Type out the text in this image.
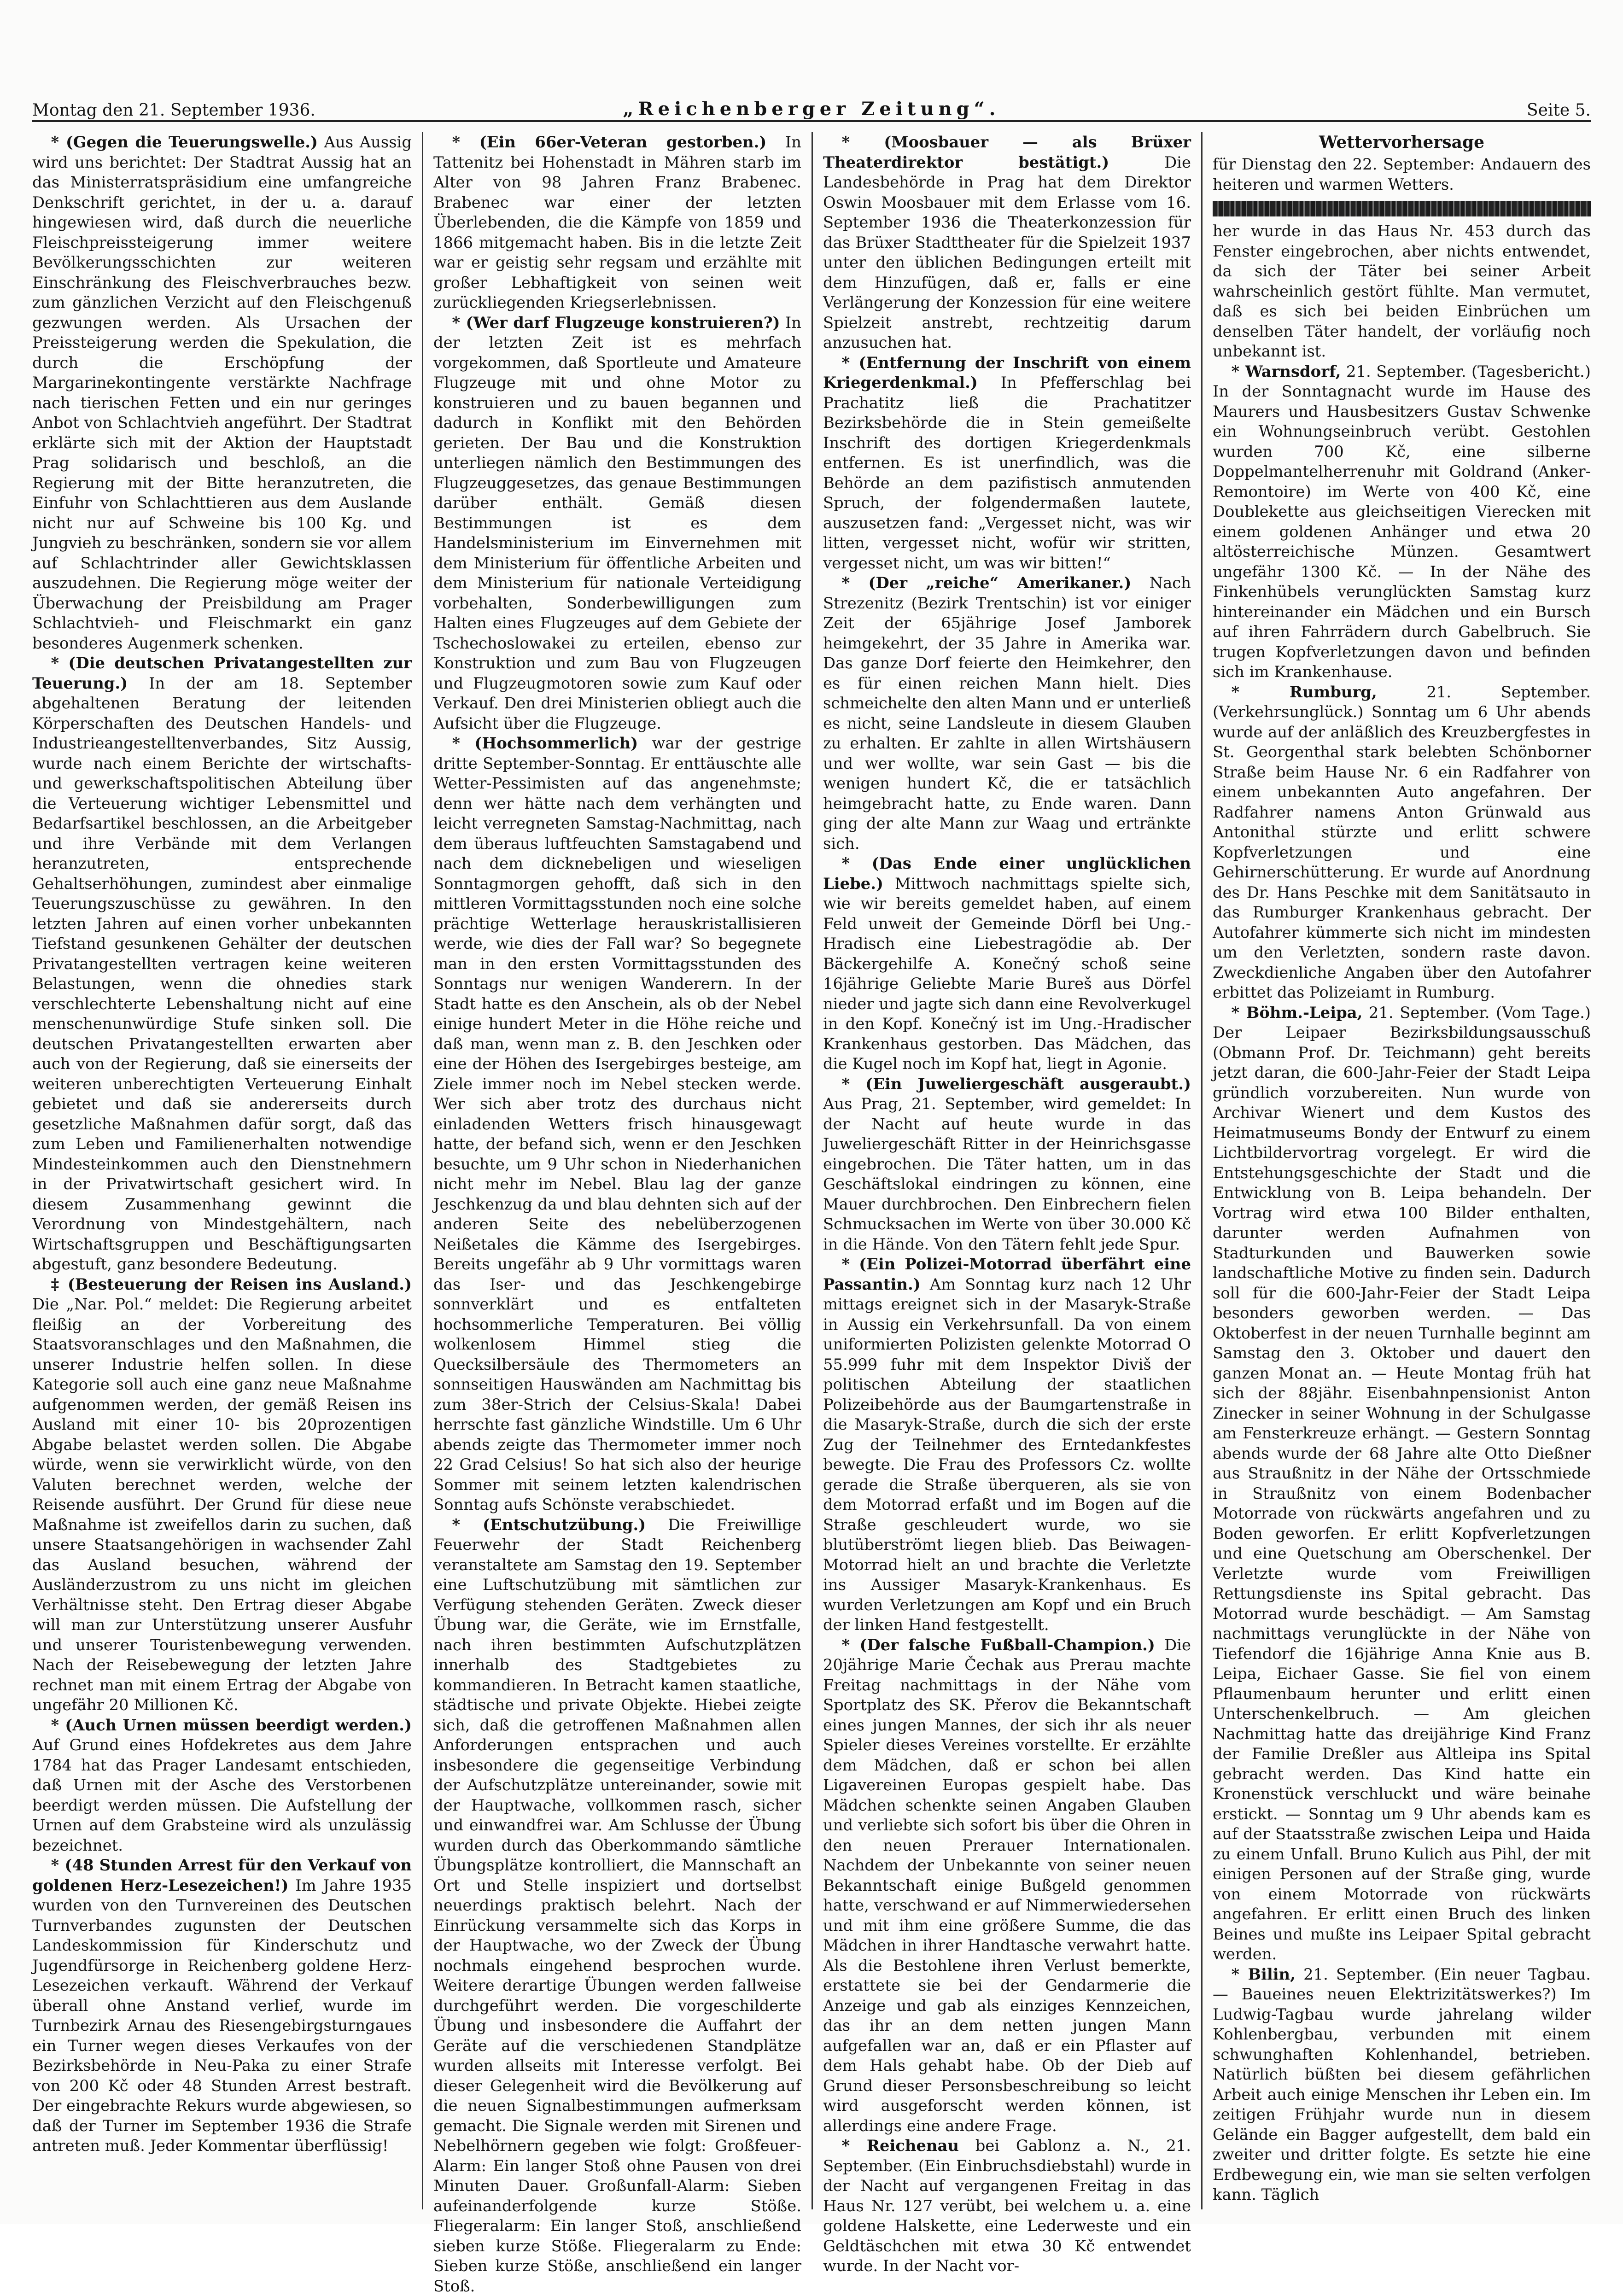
Montag den 21. September 1936.	„Reichenberger Zeitung“.	Seite 5.

* (Gegen die Teuerungswelle.) Aus Aussig wird uns berichtet: Der Stadtrat Aussig hat an das Ministerratspräsidium eine umfangreiche Denkschrift gerichtet, in der u. a. darauf hingewiesen wird, daß durch die neuerliche Fleischpreissteigerung immer weitere Bevölkerungsschichten zur weiteren Einschränkung des Fleischverbrauches bezw. zum gänzlichen Verzicht auf den Fleischgenuß gezwungen werden. Als Ursachen der Preissteigerung werden die Spekulation, die durch die Erschöpfung der Margarinekontingente verstärkte Nachfrage nach tierischen Fetten und ein nur geringes Anbot von Schlachtvieh angeführt. Der Stadtrat erklärte sich mit der Aktion der Hauptstadt Prag solidarisch und beschloß, an die Regierung mit der Bitte heranzutreten, die Einfuhr von Schlachttieren aus dem Auslande nicht nur auf Schweine bis 100 Kg. und Jungvieh zu beschränken, sondern sie vor allem auf Schlachtrinder aller Gewichtsklassen auszudehnen. Die Regierung möge weiter der Überwachung der Preisbildung am Prager Schlachtvieh- und Fleischmarkt ein ganz besonderes Augenmerk schenken.

* (Die deutschen Privatangestellten zur Teuerung.) In der am 18. September abgehaltenen Beratung der leitenden Körperschaften des Deutschen Handels- und Industrieangestelltenverbandes, Sitz Aussig, wurde nach einem Berichte der wirtschafts- und gewerkschaftspolitischen Abteilung über die Verteuerung wichtiger Lebensmittel und Bedarfsartikel beschlossen, an die Arbeitgeber und ihre Verbände mit dem Verlangen heranzutreten, entsprechende Gehaltserhöhungen, zumindest aber einmalige Teuerungszuschüsse zu gewähren. In den letzten Jahren auf einen vorher unbekannten Tiefstand gesunkenen Gehälter der deutschen Privatangestellten vertragen keine weiteren Belastungen, wenn die ohnedies stark verschlechterte Lebenshaltung nicht auf eine menschenunwürdige Stufe sinken soll. Die deutschen Privatangestellten erwarten aber auch von der Regierung, daß sie einerseits der weiteren unberechtigten Verteuerung Einhalt gebietet und daß sie andererseits durch gesetzliche Maßnahmen dafür sorgt, daß das zum Leben und Familienerhalten notwendige Mindesteinkommen auch den Dienstnehmern in der Privatwirtschaft gesichert wird. In diesem Zusammenhang gewinnt die Verordnung von Mindestgehältern, nach Wirtschaftsgruppen und Beschäftigungsarten abgestuft, ganz besondere Bedeutung.

‡ (Besteuerung der Reisen ins Ausland.) Die „Nar. Pol.“ meldet: Die Regierung arbeitet fleißig an der Vorbereitung des Staatsvoranschlages und den Maßnahmen, die unserer Industrie helfen sollen. In diese Kategorie soll auch eine ganz neue Maßnahme aufgenommen werden, der gemäß Reisen ins Ausland mit einer 10- bis 20prozentigen Abgabe belastet werden sollen. Die Abgabe würde, wenn sie verwirklicht würde, von den Valuten berechnet werden, welche der Reisende ausführt. Der Grund für diese neue Maßnahme ist zweifellos darin zu suchen, daß unsere Staatsangehörigen in wachsender Zahl das Ausland besuchen, während der Ausländerzustrom zu uns nicht im gleichen Verhältnisse steht. Den Ertrag dieser Abgabe will man zur Unterstützung unserer Ausfuhr und unserer Touristenbewegung verwenden. Nach der Reisebewegung der letzten Jahre rechnet man mit einem Ertrag der Abgabe von ungefähr 20 Millionen Kč.

* (Auch Urnen müssen beerdigt werden.) Auf Grund eines Hofdekretes aus dem Jahre 1784 hat das Prager Landesamt entschieden, daß Urnen mit der Asche des Verstorbenen beerdigt werden müssen. Die Aufstellung der Urnen auf dem Grabsteine wird als unzulässig bezeichnet.

* (48 Stunden Arrest für den Verkauf von goldenen Herz-Lesezeichen!) Im Jahre 1935 wurden von den Turnvereinen des Deutschen Turnverbandes zugunsten der Deutschen Landeskommission für Kinderschutz und Jugendfürsorge in Reichenberg goldene Herz-Lesezeichen verkauft. Während der Verkauf überall ohne Anstand verlief, wurde im Turnbezirk Arnau des Riesengebirgsturngaues ein Turner wegen dieses Verkaufes von der Bezirksbehörde in Neu-Paka zu einer Strafe von 200 Kč oder 48 Stunden Arrest bestraft. Der eingebrachte Rekurs wurde abgewiesen, so daß der Turner im September 1936 die Strafe antreten muß. Jeder Kommentar überflüssig!

* (Ein 66er-Veteran gestorben.) In Tattenitz bei Hohenstadt in Mähren starb im Alter von 98 Jahren Franz Brabenec. Brabenec war einer der letzten Überlebenden, die die Kämpfe von 1859 und 1866 mitgemacht haben. Bis in die letzte Zeit war er geistig sehr regsam und erzählte mit großer Lebhaftigkeit von seinen weit zurückliegenden Kriegserlebnissen.

* (Wer darf Flugzeuge konstruieren?) In der letzten Zeit ist es mehrfach vorgekommen, daß Sportleute und Amateure Flugzeuge mit und ohne Motor zu konstruieren und zu bauen begannen und dadurch in Konflikt mit den Behörden gerieten. Der Bau und die Konstruktion unterliegen nämlich den Bestimmungen des Flugzeuggesetzes, das genaue Bestimmungen darüber enthält. Gemäß diesen Bestimmungen ist es dem Handelsministerium im Einvernehmen mit dem Ministerium für öffentliche Arbeiten und dem Ministerium für nationale Verteidigung vorbehalten, Sonderbewilligungen zum Halten eines Flugzeuges auf dem Gebiete der Tschechoslowakei zu erteilen, ebenso zur Konstruktion und zum Bau von Flugzeugen und Flugzeugmotoren sowie zum Kauf oder Verkauf. Den drei Ministerien obliegt auch die Aufsicht über die Flugzeuge.

* (Hochsommerlich) war der gestrige dritte September-Sonntag. Er enttäuschte alle Wetter-Pessimisten auf das angenehmste; denn wer hätte nach dem verhängten und leicht verregneten Samstag-Nachmittag, nach dem überaus luftfeuchten Samstagabend und nach dem dicknebeligen und wieseligen Sonntagmorgen gehofft, daß sich in den mittleren Vormittagsstunden noch eine solche prächtige Wetterlage herauskristallisieren werde, wie dies der Fall war? So begegnete man in den ersten Vormittagsstunden des Sonntags nur wenigen Wanderern. In der Stadt hatte es den Anschein, als ob der Nebel einige hundert Meter in die Höhe reiche und daß man, wenn man z. B. den Jeschken oder eine der Höhen des Isergebirges besteige, am Ziele immer noch im Nebel stecken werde. Wer sich aber trotz des durchaus nicht einladenden Wetters frisch hinausgewagt hatte, der befand sich, wenn er den Jeschken besuchte, um 9 Uhr schon in Niederhanichen nicht mehr im Nebel. Blau lag der ganze Jeschkenzug da und blau dehnten sich auf der anderen Seite des nebelüberzogenen Neißetales die Kämme des Isergebirges. Bereits ungefähr ab 9 Uhr vormittags waren das Iser- und das Jeschkengebirge sonnverklärt und es entfalteten hochsommerliche Temperaturen. Bei völlig wolkenlosem Himmel stieg die Quecksilbersäule des Thermometers an sonnseitigen Hauswänden am Nachmittag bis zum 38er-Strich der Celsius-Skala! Dabei herrschte fast gänzliche Windstille. Um 6 Uhr abends zeigte das Thermometer immer noch 22 Grad Celsius! So hat sich also der heurige Sommer mit seinem letzten kalendrischen Sonntag aufs Schönste verabschiedet.

* (Entschutzübung.) Die Freiwillige Feuerwehr der Stadt Reichenberg veranstaltete am Samstag den 19. September eine Luftschutzübung mit sämtlichen zur Verfügung stehenden Geräten. Zweck dieser Übung war, die Geräte, wie im Ernstfalle, nach ihren bestimmten Aufschutzplätzen innerhalb des Stadtgebietes zu kommandieren. In Betracht kamen staatliche, städtische und private Objekte. Hiebei zeigte sich, daß die getroffenen Maßnahmen allen Anforderungen entsprachen und auch insbesondere die gegenseitige Verbindung der Aufschutzplätze untereinander, sowie mit der Hauptwache, vollkommen rasch, sicher und einwandfrei war. Am Schlusse der Übung wurden durch das Oberkommando sämtliche Übungsplätze kontrolliert, die Mannschaft an Ort und Stelle inspiziert und dortselbst neuerdings praktisch belehrt. Nach der Einrückung versammelte sich das Korps in der Hauptwache, wo der Zweck der Übung nochmals eingehend besprochen wurde. Weitere derartige Übungen werden fallweise durchgeführt werden. Die vorgeschilderte Übung und insbesondere die Auffahrt der Geräte auf die verschiedenen Standplätze wurden allseits mit Interesse verfolgt. Bei dieser Gelegenheit wird die Bevölkerung auf die neuen Signalbestimmungen aufmerksam gemacht. Die Signale werden mit Sirenen und Nebelhörnern gegeben wie folgt: Großfeuer-Alarm: Ein langer Stoß ohne Pausen von drei Minuten Dauer. Großunfall-Alarm: Sieben aufeinanderfolgende kurze Stöße. Fliegeralarm: Ein langer Stoß, anschließend sieben kurze Stöße. Fliegeralarm zu Ende: Sieben kurze Stöße, anschließend ein langer Stoß.

* (Moosbauer — als Brüxer Theaterdirektor bestätigt.) Die Landesbehörde in Prag hat dem Direktor Oswin Moosbauer mit dem Erlasse vom 16. September 1936 die Theaterkonzession für das Brüxer Stadttheater für die Spielzeit 1937 unter den üblichen Bedingungen erteilt mit dem Hinzufügen, daß er, falls er eine Verlängerung der Konzession für eine weitere Spielzeit anstrebt, rechtzeitig darum anzusuchen hat.

* (Entfernung der Inschrift von einem Kriegerdenkmal.) In Pfefferschlag bei Prachatitz ließ die Prachatitzer Bezirksbehörde die in Stein gemeißelte Inschrift des dortigen Kriegerdenkmals entfernen. Es ist unerfindlich, was die Behörde an dem pazifistisch anmutenden Spruch, der folgendermaßen lautete, auszusetzen fand: „Vergesset nicht, was wir litten, vergesset nicht, wofür wir stritten, vergesset nicht, um was wir bitten!“

* (Der „reiche“ Amerikaner.) Nach Strezenitz (Bezirk Trentschin) ist vor einiger Zeit der 65jährige Josef Jamborek heimgekehrt, der 35 Jahre in Amerika war. Das ganze Dorf feierte den Heimkehrer, den es für einen reichen Mann hielt. Dies schmeichelte den alten Mann und er unterließ es nicht, seine Landsleute in diesem Glauben zu erhalten. Er zahlte in allen Wirtshäusern und wer wollte, war sein Gast — bis die wenigen hundert Kč, die er tatsächlich heimgebracht hatte, zu Ende waren. Dann ging der alte Mann zur Waag und ertränkte sich.

* (Das Ende einer unglücklichen Liebe.) Mittwoch nachmittags spielte sich, wie wir bereits gemeldet haben, auf einem Feld unweit der Gemeinde Dörfl bei Ung.-Hradisch eine Liebestragödie ab. Der Bäckergehilfe A. Konečný schoß seine 16jährige Geliebte Marie Bureš aus Dörfel nieder und jagte sich dann eine Revolverkugel in den Kopf. Konečný ist im Ung.-Hradischer Krankenhaus gestorben. Das Mädchen, das die Kugel noch im Kopf hat, liegt in Agonie.

* (Ein Juweliergeschäft ausgeraubt.) Aus Prag, 21. September, wird gemeldet: In der Nacht auf heute wurde in das Juweliergeschäft Ritter in der Heinrichsgasse eingebrochen. Die Täter hatten, um in das Geschäftslokal eindringen zu können, eine Mauer durchbrochen. Den Einbrechern fielen Schmucksachen im Werte von über 30.000 Kč in die Hände. Von den Tätern fehlt jede Spur.

* (Ein Polizei-Motorrad überfährt eine Passantin.) Am Sonntag kurz nach 12 Uhr mittags ereignet sich in der Masaryk-Straße in Aussig ein Verkehrsunfall. Da von einem uniformierten Polizisten gelenkte Motorrad O 55.999 fuhr mit dem Inspektor Diviš der politischen Abteilung der staatlichen Polizeibehörde aus der Baumgartenstraße in die Masaryk-Straße, durch die sich der erste Zug der Teilnehmer des Erntedankfestes bewegte. Die Frau des Professors Cz. wollte gerade die Straße überqueren, als sie von dem Motorrad erfaßt und im Bogen auf die Straße geschleudert wurde, wo sie blutüberströmt liegen blieb. Das Beiwagen-Motorrad hielt an und brachte die Verletzte ins Aussiger Masaryk-Krankenhaus. Es wurden Verletzungen am Kopf und ein Bruch der linken Hand festgestellt.

* (Der falsche Fußball-Champion.) Die 20jährige Marie Čechak aus Prerau machte Freitag nachmittags in der Nähe vom Sportplatz des SK. Přerov die Bekanntschaft eines jungen Mannes, der sich ihr als neuer Spieler dieses Vereines vorstellte. Er erzählte dem Mädchen, daß er schon bei allen Ligavereinen Europas gespielt habe. Das Mädchen schenkte seinen Angaben Glauben und verliebte sich sofort bis über die Ohren in den neuen Prerauer Internationalen. Nachdem der Unbekannte von seiner neuen Bekanntschaft einige Bußgeld genommen hatte, verschwand er auf Nimmerwiedersehen und mit ihm eine größere Summe, die das Mädchen in ihrer Handtasche verwahrt hatte. Als die Bestohlene ihren Verlust bemerkte, erstattete sie bei der Gendarmerie die Anzeige und gab als einziges Kennzeichen, das ihr an dem netten jungen Mann aufgefallen war an, daß er ein Pflaster auf dem Hals gehabt habe. Ob der Dieb auf Grund dieser Personsbeschreibung so leicht wird ausgeforscht werden können, ist allerdings eine andere Frage.

* Reichenau bei Gablonz a. N., 21. September. (Ein Einbruchsdiebstahl) wurde in der Nacht auf vergangenen Freitag in das Haus Nr. 127 verübt, bei welchem u. a. eine goldene Halskette, eine Lederweste und ein Geldtäschchen mit etwa 30 Kč entwendet wurde. In der Nacht vor-

Wettervorhersage

für Dienstag den 22. September: Andauern des heiteren und warmen Wetters.

her wurde in das Haus Nr. 453 durch das Fenster eingebrochen, aber nichts entwendet, da sich der Täter bei seiner Arbeit wahrscheinlich gestört fühlte. Man vermutet, daß es sich bei beiden Einbrüchen um denselben Täter handelt, der vorläufig noch unbekannt ist.

* Warnsdorf, 21. September. (Tagesbericht.) In der Sonntagnacht wurde im Hause des Maurers und Hausbesitzers Gustav Schwenke ein Wohnungseinbruch verübt. Gestohlen wurden 700 Kč, eine silberne Doppelmantelherrenuhr mit Goldrand (Anker-Remontoire) im Werte von 400 Kč, eine Doublekette aus gleichseitigen Vierecken mit einem goldenen Anhänger und etwa 20 altösterreichische Münzen. Gesamtwert ungefähr 1300 Kč. — In der Nähe des Finkenhübels verunglückten Samstag kurz hintereinander ein Mädchen und ein Bursch auf ihren Fahrrädern durch Gabelbruch. Sie trugen Kopfverletzungen davon und befinden sich im Krankenhause.

* Rumburg, 21. September. (Verkehrsunglück.) Sonntag um 6 Uhr abends wurde auf der anläßlich des Kreuzbergfestes in St. Georgenthal stark belebten Schönborner Straße beim Hause Nr. 6 ein Radfahrer von einem unbekannten Auto angefahren. Der Radfahrer namens Anton Grünwald aus Antonithal stürzte und erlitt schwere Kopfverletzungen und eine Gehirnerschütterung. Er wurde auf Anordnung des Dr. Hans Peschke mit dem Sanitätsauto in das Rumburger Krankenhaus gebracht. Der Autofahrer kümmerte sich nicht im mindesten um den Verletzten, sondern raste davon. Zweckdienliche Angaben über den Autofahrer erbittet das Polizeiamt in Rumburg.

* Böhm.-Leipa, 21. September. (Vom Tage.) Der Leipaer Bezirksbildungsausschuß (Obmann Prof. Dr. Teichmann) geht bereits jetzt daran, die 600-Jahr-Feier der Stadt Leipa gründlich vorzubereiten. Nun wurde von Archivar Wienert und dem Kustos des Heimatmuseums Bondy der Entwurf zu einem Lichtbildervortrag vorgelegt. Er wird die Entstehungsgeschichte der Stadt und die Entwicklung von B. Leipa behandeln. Der Vortrag wird etwa 100 Bilder enthalten, darunter werden Aufnahmen von Stadturkunden und Bauwerken sowie landschaftliche Motive zu finden sein. Dadurch soll für die 600-Jahr-Feier der Stadt Leipa besonders geworben werden. — Das Oktoberfest in der neuen Turnhalle beginnt am Samstag den 3. Oktober und dauert den ganzen Monat an. — Heute Montag früh hat sich der 88jähr. Eisenbahnpensionist Anton Zinecker in seiner Wohnung in der Schulgasse am Fensterkreuze erhängt. — Gestern Sonntag abends wurde der 68 Jahre alte Otto Dießner aus Straußnitz in der Nähe der Ortsschmiede in Straußnitz von einem Bodenbacher Motorrade von rückwärts angefahren und zu Boden geworfen. Er erlitt Kopfverletzungen und eine Quetschung am Oberschenkel. Der Verletzte wurde vom Freiwilligen Rettungsdienste ins Spital gebracht. Das Motorrad wurde beschädigt. — Am Samstag nachmittags verunglückte in der Nähe von Tiefendorf die 16jährige Anna Knie aus B. Leipa, Eichaer Gasse. Sie fiel von einem Pflaumenbaum herunter und erlitt einen Unterschenkelbruch. — Am gleichen Nachmittag hatte das dreijährige Kind Franz der Familie Dreßler aus Altleipa ins Spital gebracht werden. Das Kind hatte ein Kronenstück verschluckt und wäre beinahe erstickt. — Sonntag um 9 Uhr abends kam es auf der Staatsstraße zwischen Leipa und Haida zu einem Unfall. Bruno Kulich aus Pihl, der mit einigen Personen auf der Straße ging, wurde von einem Motorrade von rückwärts angefahren. Er erlitt einen Bruch des linken Beines und mußte ins Leipaer Spital gebracht werden.

* Bilin, 21. September. (Ein neuer Tagbau. — Baueines neuen Elektrizitätswerkes?) Im Ludwig-Tagbau wurde jahrelang wilder Kohlenbergbau, verbunden mit einem schwunghaften Kohlenhandel, betrieben. Natürlich büßten bei diesem gefährlichen Arbeit auch einige Menschen ihr Leben ein. Im zeitigen Frühjahr wurde nun in diesem Gelände ein Bagger aufgestellt, dem bald ein zweiter und dritter folgte. Es setzte hie eine Erdbewegung ein, wie man sie selten verfolgen kann. Täglich
